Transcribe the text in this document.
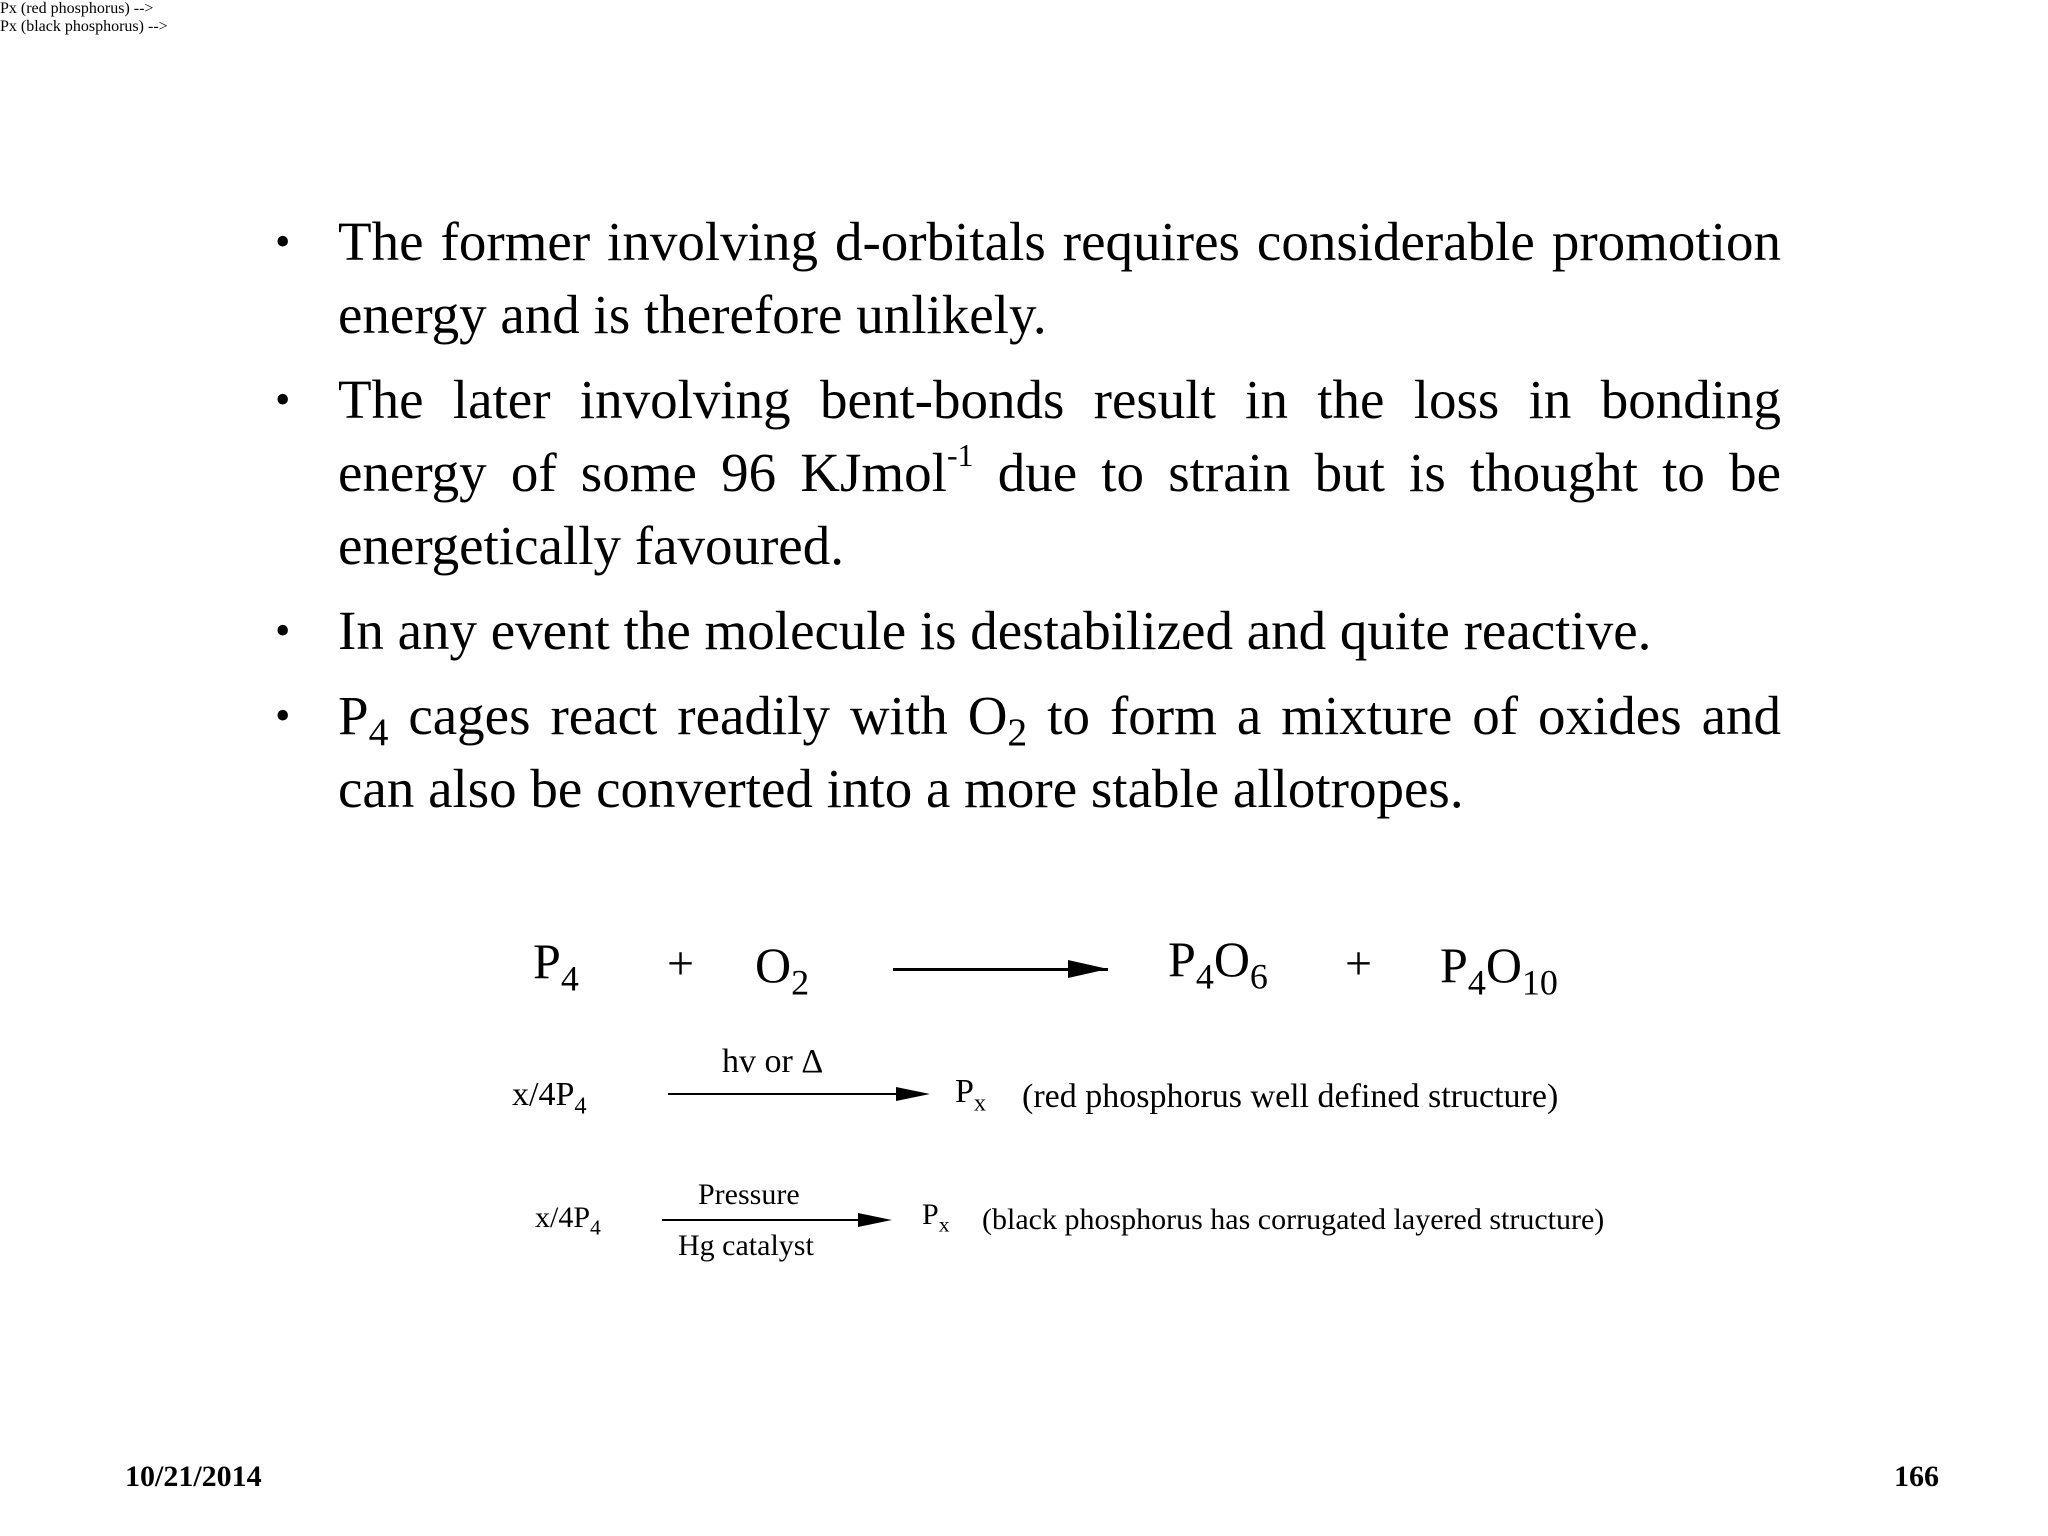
• The former involving d-orbitals requires considerable promotion energy and is therefore unlikely.
• The later involving bent-bonds result in the loss in bonding energy of some 96 KJmol$^{-1}$ due to strain but is thought to be energetically favoured.
• In any event the molecule is destabilized and quite reactive.
• $P_4$ cages react readily with $O_2$ to form a mixture of oxides and can also be converted into a more stable allotropes.
$P_4 + O_2$	$P_4O_6 + P_4O_{10}$
Px (red phosphorus) -->
$x/4P_4$
hv or Δ
$P_x$ (red phosphorus well defined structure)
Px (black phosphorus) -->
$x/4P_4$
Pressure
Hg catalyst
$P_x$ (black phosphorus has corrugated layered structure)
10/21/2014	166
